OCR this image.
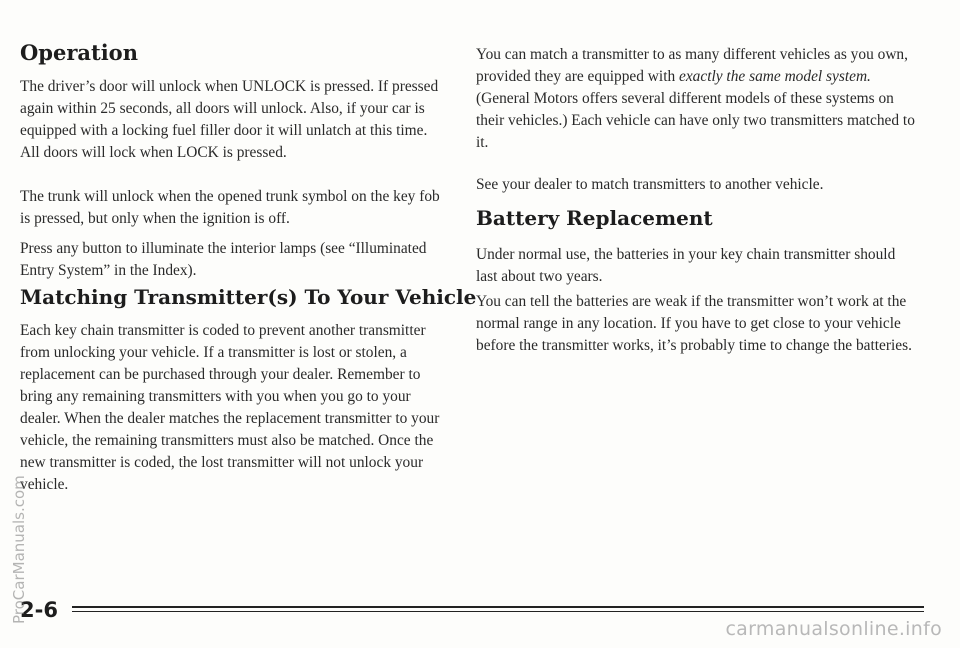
Operation

The driver’s door will unlock when UNLOCK is pressed. If pressed again within 25 seconds, all doors will unlock. Also, if your car is equipped with a locking fuel filler door it will unlatch at this time. All doors will lock when LOCK is pressed.

The trunk will unlock when the opened trunk symbol on the key fob is pressed, but only when the ignition is off.

Press any button to illuminate the interior lamps (see “Illuminated Entry System” in the Index).

Matching Transmitter(s) To Your Vehicle

Each key chain transmitter is coded to prevent another transmitter from unlocking your vehicle. If a transmitter is lost or stolen, a replacement can be purchased through your dealer. Remember to bring any remaining transmitters with you when you go to your dealer. When the dealer matches the replacement transmitter to your vehicle, the remaining transmitters must also be matched. Once the new transmitter is coded, the lost transmitter will not unlock your vehicle.

You can match a transmitter to as many different vehicles as you own, provided they are equipped with exactly the same model system. (General Motors offers several different models of these systems on their vehicles.) Each vehicle can have only two transmitters matched to it.

See your dealer to match transmitters to another vehicle.

Battery Replacement

Under normal use, the batteries in your key chain transmitter should last about two years.

You can tell the batteries are weak if the transmitter won’t work at the normal range in any location. If you have to get close to your vehicle before the transmitter works, it’s probably time to change the batteries.

2-6
ProCarManuals.com
carmanualsonline.info
